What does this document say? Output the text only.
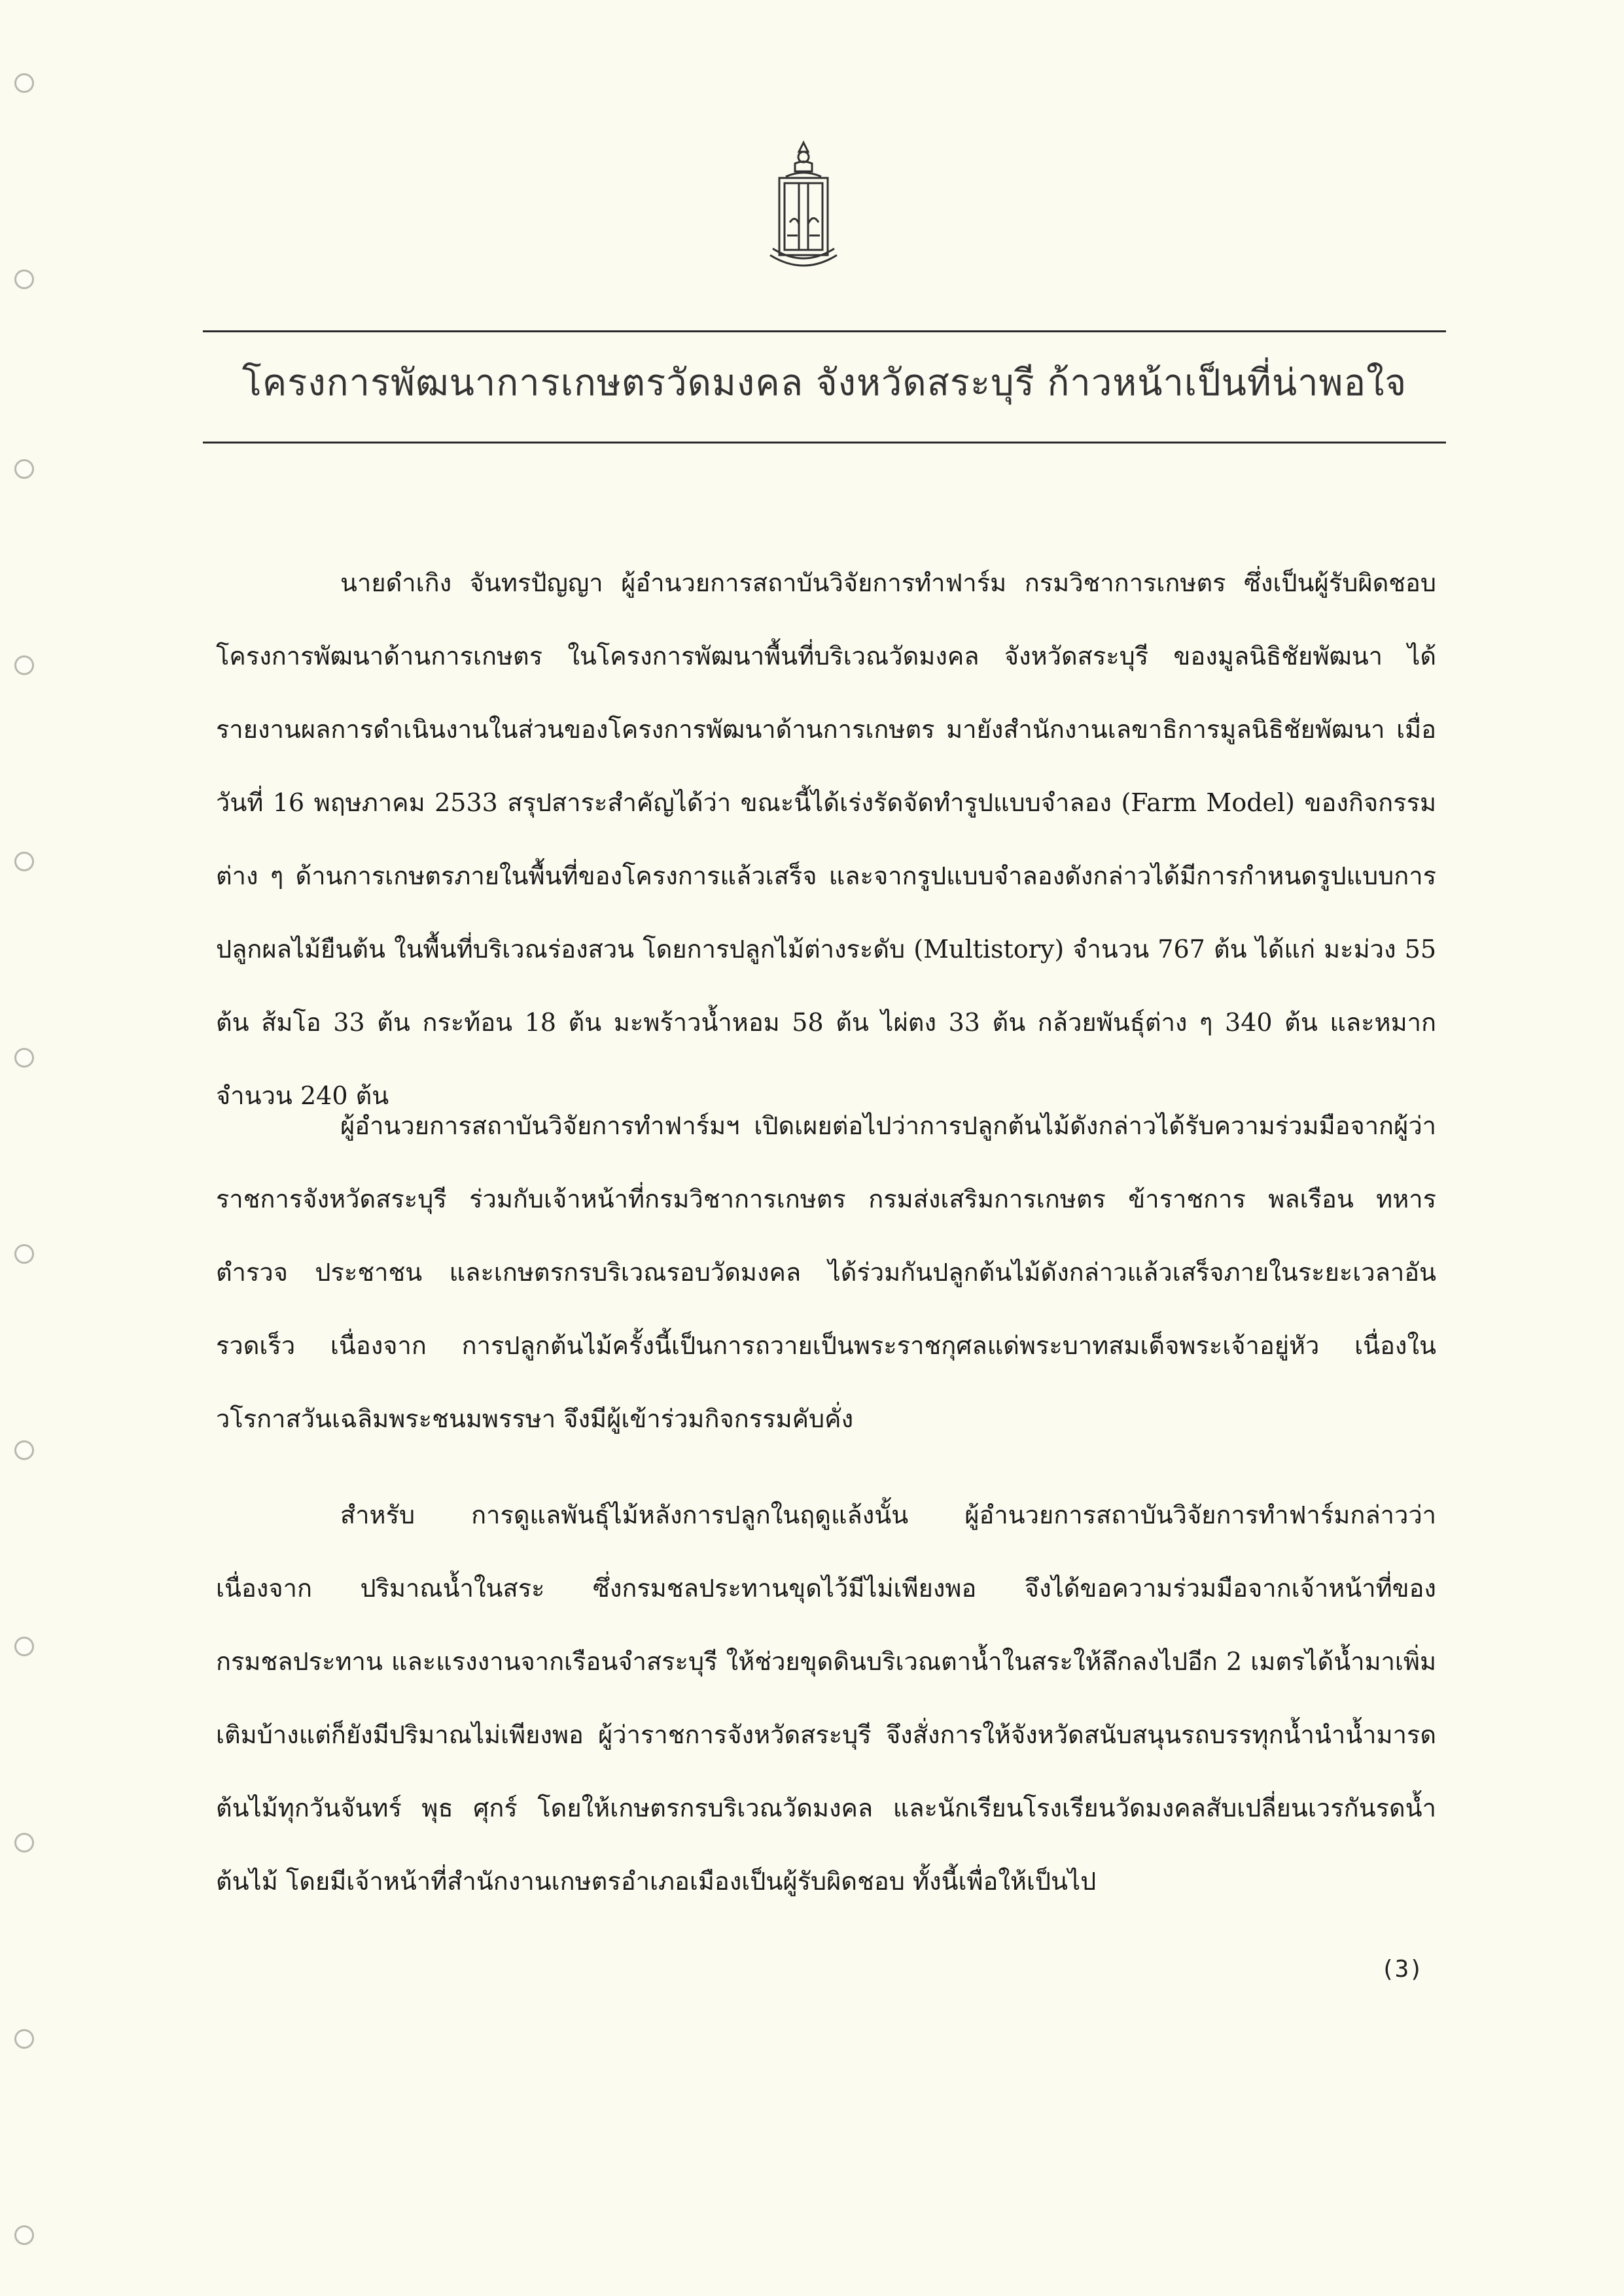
โครงการพัฒนาการเกษตรวัดมงคล จังหวัดสระบุรี ก้าวหน้าเป็นที่น่าพอใจ

นายดำเกิง จันทรปัญญา ผู้อำนวยการสถาบันวิจัยการทำฟาร์ม กรมวิชาการเกษตร ซึ่งเป็นผู้รับผิดชอบโครงการพัฒนาด้านการเกษตร ในโครงการพัฒนาพื้นที่บริเวณวัดมงคล จังหวัดสระบุรี ของมูลนิธิชัยพัฒนา ได้รายงานผลการดำเนินงานในส่วนของโครงการพัฒนาด้านการเกษตร มายังสำนักงานเลขาธิการมูลนิธิชัยพัฒนา เมื่อวันที่ 16 พฤษภาคม 2533 สรุปสาระสำคัญได้ว่า ขณะนี้ได้เร่งรัดจัดทำรูปแบบจำลอง (Farm Model) ของกิจกรรมต่าง ๆ ด้านการเกษตรภายในพื้นที่ของโครงการแล้วเสร็จ และจากรูปแบบจำลองดังกล่าวได้มีการกำหนดรูปแบบการปลูกผลไม้ยืนต้น ในพื้นที่บริเวณร่องสวน โดยการปลูกไม้ต่างระดับ (Multistory) จำนวน 767 ต้น ได้แก่ มะม่วง 55 ต้น ส้มโอ 33 ต้น กระท้อน 18 ต้น มะพร้าวน้ำหอม 58 ต้น ไผ่ตง 33 ต้น กล้วยพันธุ์ต่าง ๆ 340 ต้น และหมากจำนวน 240 ต้น

ผู้อำนวยการสถาบันวิจัยการทำฟาร์มฯ เปิดเผยต่อไปว่าการปลูกต้นไม้ดังกล่าวได้รับความร่วมมือจากผู้ว่าราชการจังหวัดสระบุรี ร่วมกับเจ้าหน้าที่กรมวิชาการเกษตร กรมส่งเสริมการเกษตร ข้าราชการ พลเรือน ทหาร ตำรวจ ประชาชน และเกษตรกรบริเวณรอบวัดมงคล ได้ร่วมกันปลูกต้นไม้ดังกล่าวแล้วเสร็จภายในระยะเวลาอันรวดเร็ว เนื่องจาก การปลูกต้นไม้ครั้งนี้เป็นการถวายเป็นพระราชกุศลแด่พระบาทสมเด็จพระเจ้าอยู่หัว เนื่องในวโรกาสวันเฉลิมพระชนมพรรษา จึงมีผู้เข้าร่วมกิจกรรมคับคั่ง

สำหรับ การดูแลพันธุ์ไม้หลังการปลูกในฤดูแล้งนั้น ผู้อำนวยการสถาบันวิจัยการทำฟาร์มกล่าวว่า เนื่องจาก ปริมาณน้ำในสระ ซึ่งกรมชลประทานขุดไว้มีไม่เพียงพอ จึงได้ขอความร่วมมือจากเจ้าหน้าที่ของกรมชลประทาน และแรงงานจากเรือนจำสระบุรี ให้ช่วยขุดดินบริเวณตาน้ำในสระให้ลึกลงไปอีก 2 เมตรได้น้ำมาเพิ่มเติมบ้างแต่ก็ยังมีปริมาณไม่เพียงพอ ผู้ว่าราชการจังหวัดสระบุรี จึงสั่งการให้จังหวัดสนับสนุนรถบรรทุกน้ำนำน้ำมารดต้นไม้ทุกวันจันทร์ พุธ ศุกร์ โดยให้เกษตรกรบริเวณวัดมงคล และนักเรียนโรงเรียนวัดมงคลสับเปลี่ยนเวรกันรดน้ำต้นไม้ โดยมีเจ้าหน้าที่สำนักงานเกษตรอำเภอเมืองเป็นผู้รับผิดชอบ ทั้งนี้เพื่อให้เป็นไป

(3)
